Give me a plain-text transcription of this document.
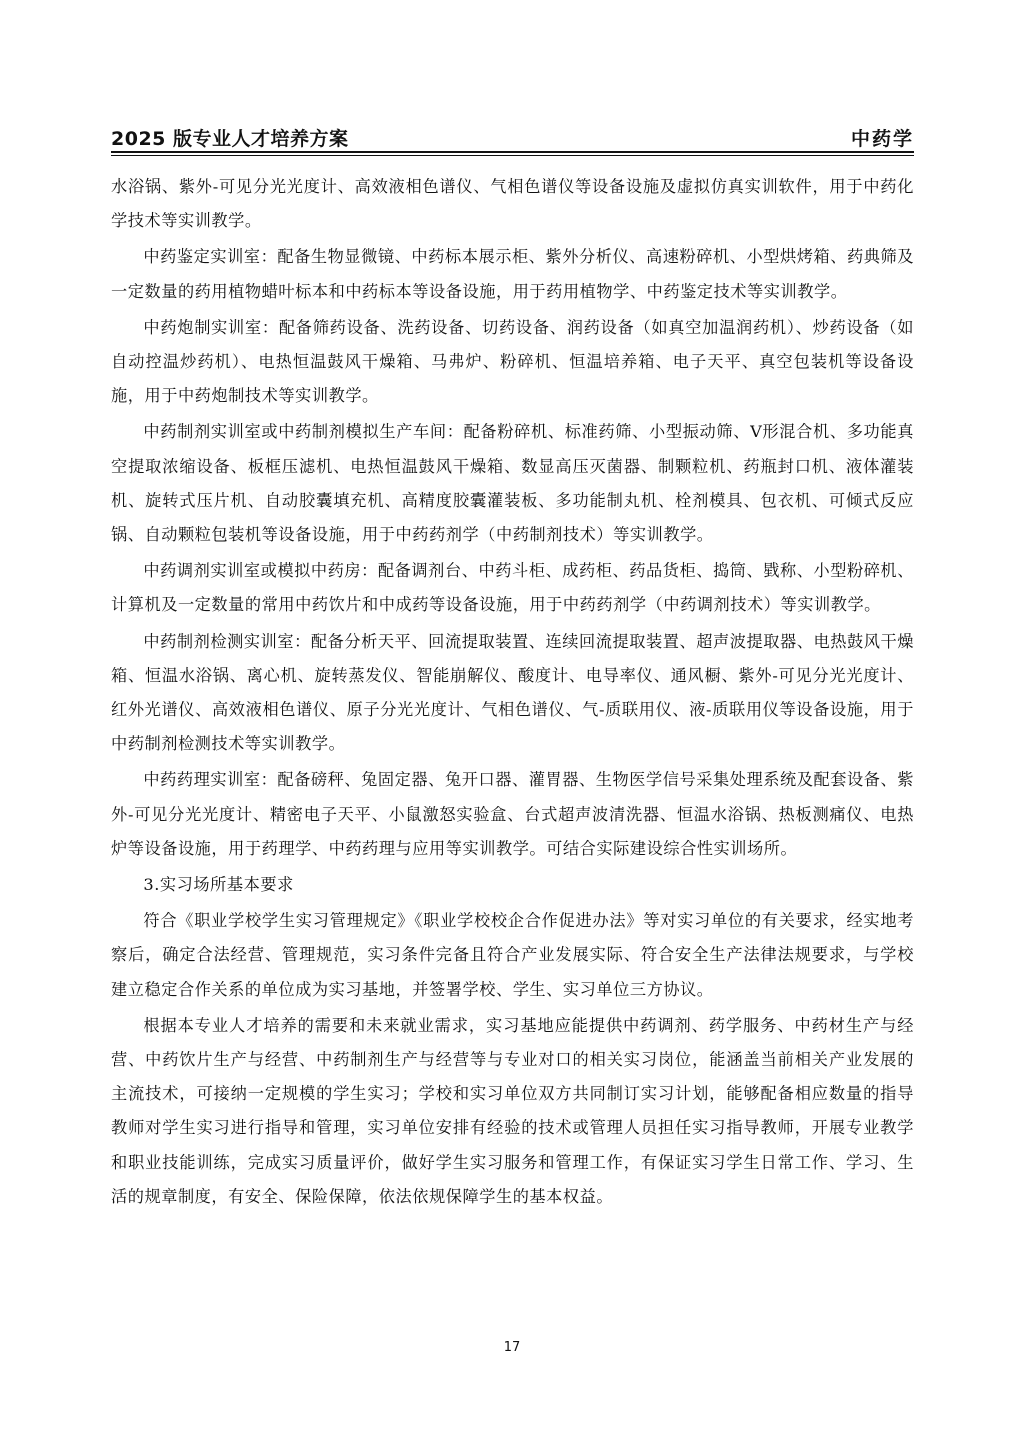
2025 版专业人才培养方案	中药学

水浴锅、紫外-可见分光光度计、高效液相色谱仪、气相色谱仪等设备设施及虚拟仿真实训软件，用于中药化学技术等实训教学。

中药鉴定实训室：配备生物显微镜、中药标本展示柜、紫外分析仪、高速粉碎机、小型烘烤箱、药典筛及一定数量的药用植物蜡叶标本和中药标本等设备设施，用于药用植物学、中药鉴定技术等实训教学。

中药炮制实训室：配备筛药设备、洗药设备、切药设备、润药设备（如真空加温润药机）、炒药设备（如自动控温炒药机）、电热恒温鼓风干燥箱、马弗炉、粉碎机、恒温培养箱、电子天平、真空包装机等设备设施，用于中药炮制技术等实训教学。

中药制剂实训室或中药制剂模拟生产车间：配备粉碎机、标准药筛、小型振动筛、V形混合机、多功能真空提取浓缩设备、板框压滤机、电热恒温鼓风干燥箱、数显高压灭菌器、制颗粒机、药瓶封口机、液体灌装机、旋转式压片机、自动胶囊填充机、高精度胶囊灌装板、多功能制丸机、栓剂模具、包衣机、可倾式反应锅、自动颗粒包装机等设备设施，用于中药药剂学（中药制剂技术）等实训教学。

中药调剂实训室或模拟中药房：配备调剂台、中药斗柜、成药柜、药品货柜、捣筒、戥称、小型粉碎机、计算机及一定数量的常用中药饮片和中成药等设备设施，用于中药药剂学（中药调剂技术）等实训教学。

中药制剂检测实训室：配备分析天平、回流提取装置、连续回流提取装置、超声波提取器、电热鼓风干燥箱、恒温水浴锅、离心机、旋转蒸发仪、智能崩解仪、酸度计、电导率仪、通风橱、紫外-可见分光光度计、红外光谱仪、高效液相色谱仪、原子分光光度计、气相色谱仪、气-质联用仪、液-质联用仪等设备设施，用于中药制剂检测技术等实训教学。

中药药理实训室：配备磅秤、兔固定器、兔开口器、灌胃器、生物医学信号采集处理系统及配套设备、紫外-可见分光光度计、精密电子天平、小鼠激怒实验盒、台式超声波清洗器、恒温水浴锅、热板测痛仪、电热炉等设备设施，用于药理学、中药药理与应用等实训教学。可结合实际建设综合性实训场所。

3.实习场所基本要求

符合《职业学校学生实习管理规定》《职业学校校企合作促进办法》等对实习单位的有关要求，经实地考察后，确定合法经营、管理规范，实习条件完备且符合产业发展实际、符合安全生产法律法规要求，与学校建立稳定合作关系的单位成为实习基地，并签署学校、学生、实习单位三方协议。

根据本专业人才培养的需要和未来就业需求，实习基地应能提供中药调剂、药学服务、中药材生产与经营、中药饮片生产与经营、中药制剂生产与经营等与专业对口的相关实习岗位，能涵盖当前相关产业发展的主流技术，可接纳一定规模的学生实习；学校和实习单位双方共同制订实习计划，能够配备相应数量的指导教师对学生实习进行指导和管理，实习单位安排有经验的技术或管理人员担任实习指导教师，开展专业教学和职业技能训练，完成实习质量评价，做好学生实习服务和管理工作，有保证实习学生日常工作、学习、生活的规章制度，有安全、保险保障，依法依规保障学生的基本权益。

17
